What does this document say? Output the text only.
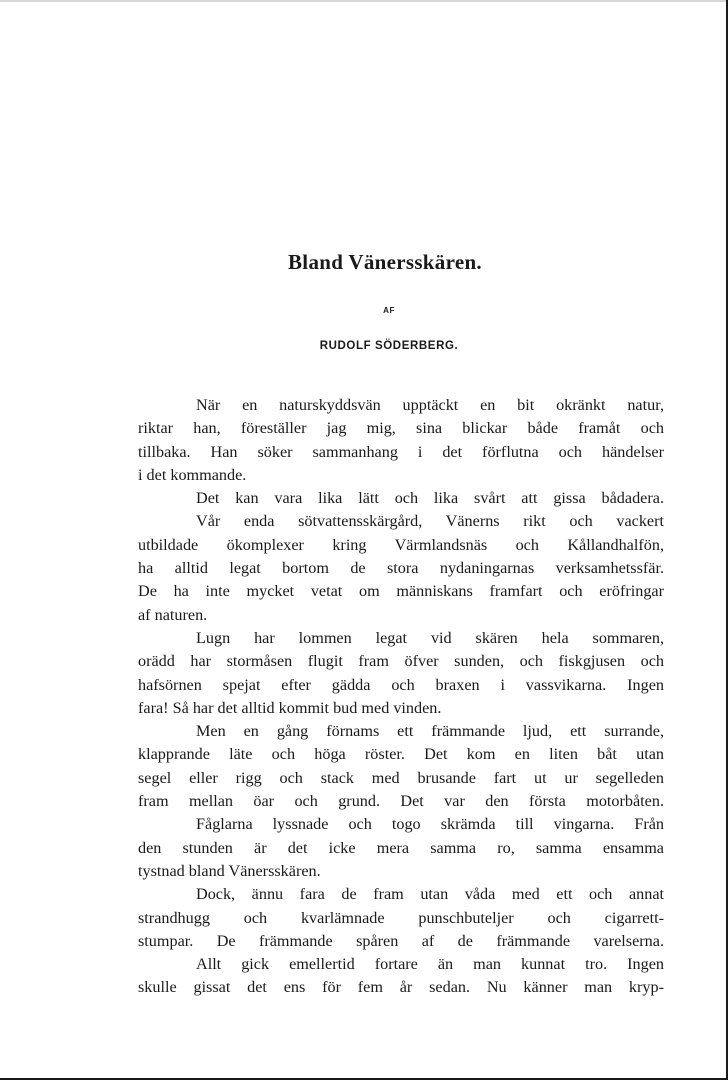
Bland Vänersskären.
AF
RUDOLF SÖDERBERG.
När en naturskyddsvän upptäckt en bit okränkt natur,
riktar han, föreställer jag mig, sina blickar både framåt och
tillbaka. Han söker sammanhang i det förflutna och händelser
i det kommande.
Det kan vara lika lätt och lika svårt att gissa bådadera.
Vår enda sötvattensskärgård, Vänerns rikt och vackert
utbildade ökomplexer kring Värmlandsnäs och Kållandhalfön,
ha alltid legat bortom de stora nydaningarnas verksamhetssfär.
De ha inte mycket vetat om människans framfart och eröfringar
af naturen.
Lugn har lommen legat vid skären hela sommaren,
orädd har stormåsen flugit fram öfver sunden, och fiskgjusen och
hafsörnen spejat efter gädda och braxen i vassvikarna. Ingen
fara! Så har det alltid kommit bud med vinden.
Men en gång förnams ett främmande ljud, ett surrande,
klapprande läte och höga röster. Det kom en liten båt utan
segel eller rigg och stack med brusande fart ut ur segelleden
fram mellan öar och grund. Det var den första motorbåten.
Fåglarna lyssnade och togo skrämda till vingarna. Från
den stunden är det icke mera samma ro, samma ensamma
tystnad bland Vänersskären.
Dock, ännu fara de fram utan våda med ett och annat
strandhugg och kvarlämnade punschbuteljer och cigarrett-
stumpar. De främmande spåren af de främmande varelserna.
Allt gick emellertid fortare än man kunnat tro. Ingen
skulle gissat det ens för fem år sedan. Nu känner man kryp-
